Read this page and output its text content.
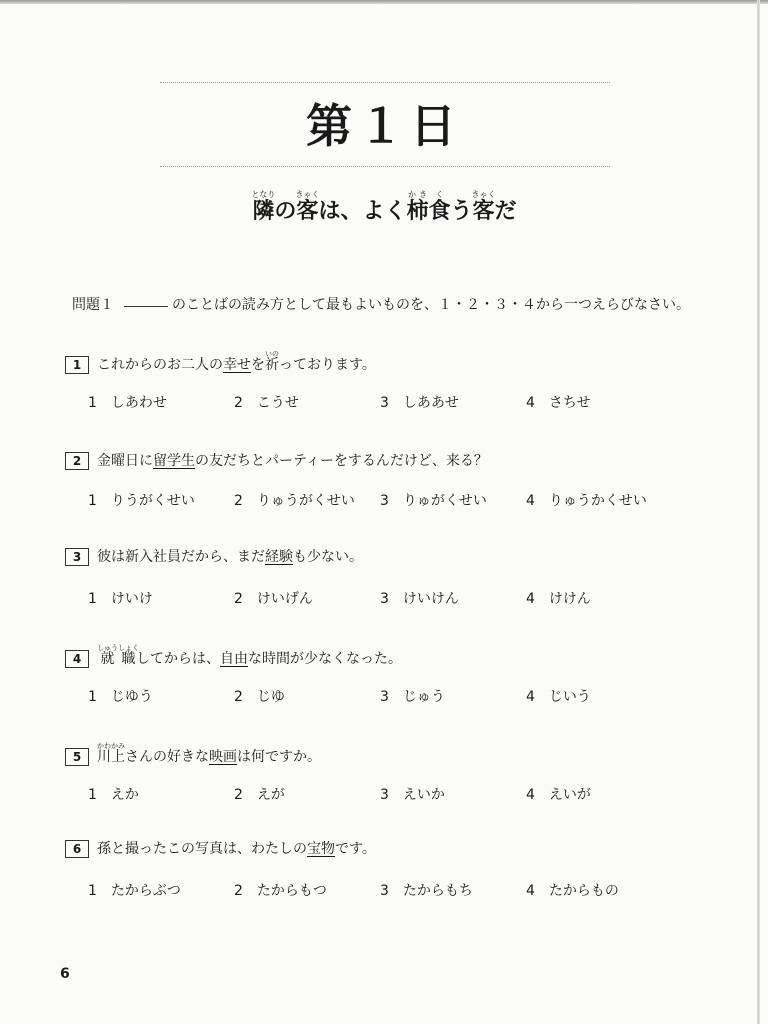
第１日
隣となりの客きゃくは、よく柿かき食くう客きゃくだ
問題１	のことばの読み方として最もよいものを、１・２・３・４から一つえらびなさい。
1 これからのお二人の幸せを祈いのっております。
1 しあわせ	2 こうせ	3 しああせ	4 さちせ
2 金曜日に留学生の友だちとパーティーをするんだけど、来る？
1 りうがくせい	2 りゅうがくせい 3 りゅがくせい	4 りゅうかくせい
3 彼は新入社員だから、まだ経験も少ない。
1 けいけ	2 けいげん	3 けいけん	4 けけん
4 就職しゅうしょくしてからは、自由な時間が少なくなった。
1 じゆう	2 じゆ	3 じゅう	4 じいう
5 川上かわかみさんの好きな映画は何ですか。
1 えか	2 えが	3 えいか	4 えいが
6 孫と撮ったこの写真は、わたしの宝物です。
1 たからぶつ	2 たからもつ	3 たからもち	4 たからもの
6
